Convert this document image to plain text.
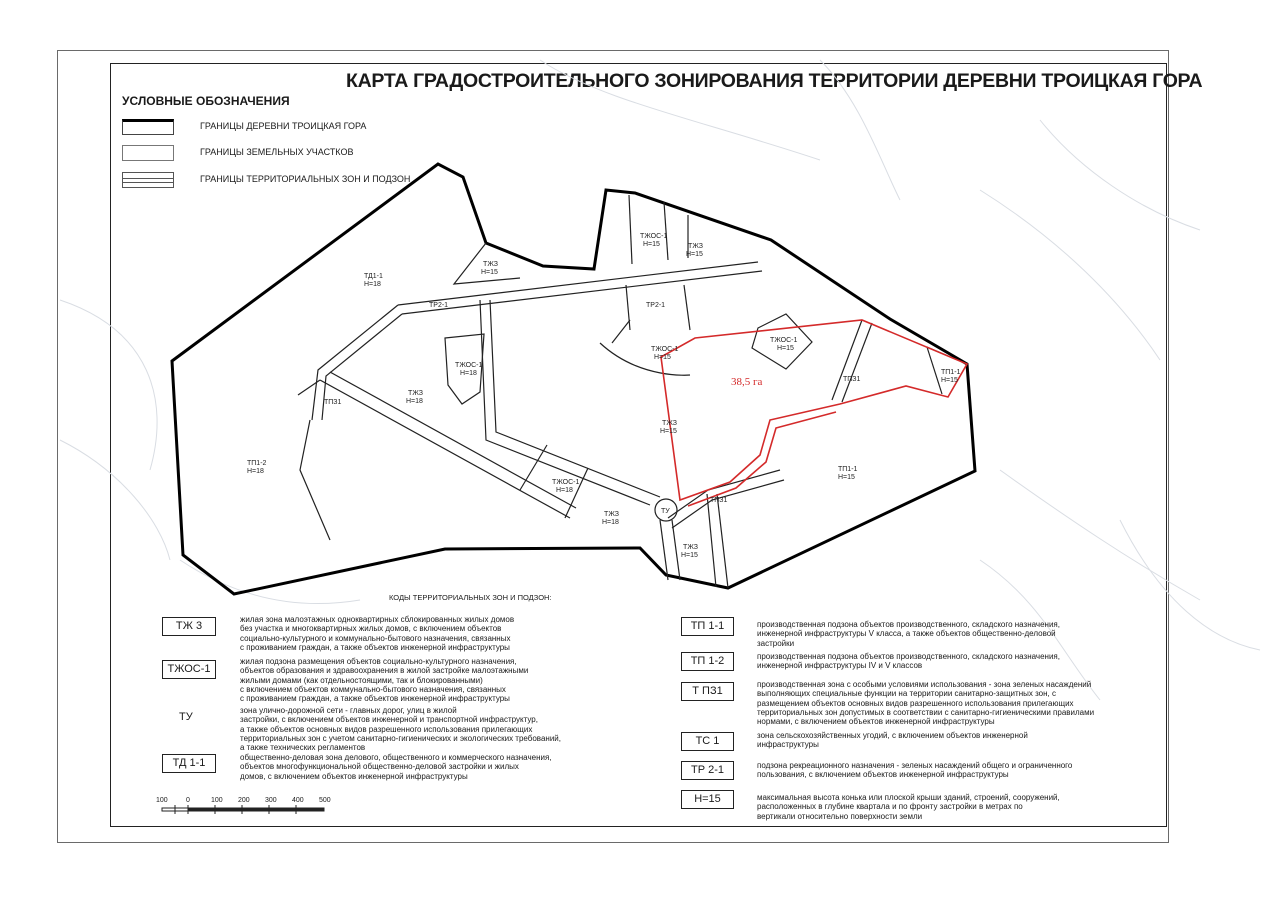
КАРТА ГРАДОСТРОИТЕЛЬНОГО ЗОНИРОВАНИЯ ТЕРРИТОРИИ ДЕРЕВНИ ТРОИЦКАЯ ГОРА
УСЛОВНЫЕ ОБОЗНАЧЕНИЯ
ГРАНИЦЫ ДЕРЕВНИ ТРОИЦКАЯ ГОРА
ГРАНИЦЫ ЗЕМЕЛЬНЫХ УЧАСТКОВ
ГРАНИЦЫ ТЕРРИТОРИАЛЬНЫХ ЗОН И ПОДЗОН
38,5 га
ТД1-1
Н=18
ТЖЗ
Н=15
ТЖОС-1
Н=15	ТЖЗ
Н=15
ТР2-1	ТР2-1
ТЖОС-1
Н=15
ТЖОС-1
Н=15
ТЖОС-1
Н=18
ТЖЗ
Н=18
ТПЗ1
ТП1-2
Н=18
ТЖЗ
Н=15
ТЖОС-1
Н=18
ТЖЗ
Н=18
ТУ
ТПЗ1
ТЖЗ
Н=15
ТПЗ1
ТП1-1
Н=15
ТП1-1
Н=15
100	0	100 200 300 400 500
КОДЫ ТЕРРИТОРИАЛЬНЫХ ЗОН И ПОДЗОН:
ТЖ 3
жилая зона малоэтажных одноквартирных сблокированных жилых домов
без участка и многоквартирных жилых домов, с включением объектов
социально-культурного и коммунально-бытового назначения, связанных
с проживанием граждан, а также объектов инженерной инфраструктуры
ТЖОС-1
жилая подзона размещения объектов социально-культурного назначения,
объектов образования и здравоохранения в жилой застройке малоэтажными
жилыми домами (как отдельностоящими, так и блокированными)
с включением объектов коммунально-бытового назначения, связанных
с проживанием граждан, а также объектов инженерной инфраструктуры
ТУ
зона улично-дорожной сети - главных дорог, улиц в жилой
застройки, с включением объектов инженерной и транспортной инфраструктур,
а также объектов основных видов разрешенного использования прилегающих
территориальных зон с учетом санитарно-гигиенических и экологических требований,
а также технических регламентов
ТД 1-1	общественно-деловая зона делового, общественного и коммерческого назначения,
объектов многофункциональной общественно-деловой застройки и жилых
домов, с включением объектов инженерной инфраструктуры
ТП 1-1	производственная подзона объектов производственного, складского назначения,
инженерной инфраструктуры V класса, а также объектов общественно-деловой
застройки
ТП 1-2	производственная подзона объектов производственного, складского назначения,
инженерной инфраструктуры IV и V классов
Т ПЗ1
производственная зона с особыми условиями использования - зона зеленых насаждений
выполняющих специальные функции на территории санитарно-защитных зон, с
размещением объектов основных видов разрешенного использования прилегающих
территориальных зон допустимых в соответствии с санитарно-гигиеническими правилами
нормами, с включением объектов инженерной инфраструктуры
ТС 1	зона сельскохозяйственных угодий, с включением объектов инженерной
инфраструктуры
ТР 2-1	подзона рекреационного назначения - зеленых насаждений общего и ограниченного
пользования, с включением объектов инженерной инфраструктуры
Н=15	максимальная высота конька или плоской крыши зданий, строений, сооружений,
расположенных в глубине квартала и по фронту застройки в метрах по
вертикали относительно поверхности земли
